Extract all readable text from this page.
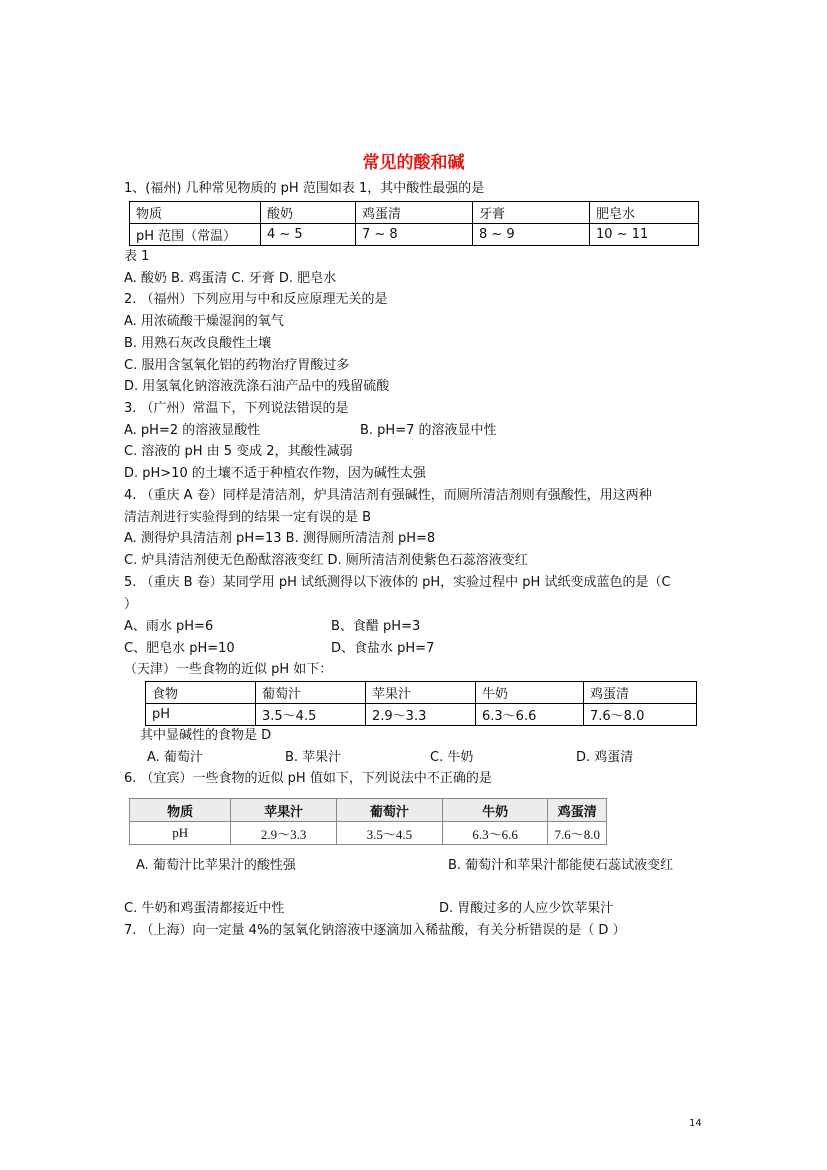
常见的酸和碱
1、(福州) 几种常见物质的 pH 范围如表 1，其中酸性最强的是
物质	酸奶	鸡蛋清	牙膏	肥皂水
pH 范围（常温）	4 ~ 5	7 ~ 8	8 ~ 9	10 ~ 11
表 1
A. 酸奶 B. 鸡蛋清 C. 牙膏 D. 肥皂水
2. （福州）下列应用与中和反应原理无关的是
A. 用浓硫酸干燥湿润的氧气
B. 用熟石灰改良酸性土壤
C. 服用含氢氧化铝的药物治疗胃酸过多
D. 用氢氧化钠溶液洗涤石油产品中的残留硫酸
3. （广州）常温下，下列说法错误的是
A. pH=2 的溶液显酸性	B. pH=7 的溶液显中性
C. 溶液的 pH 由 5 变成 2，其酸性减弱
D. pH>10 的土壤不适于种植农作物，因为碱性太强
4. （重庆 A 卷）同样是清洁剂，炉具清洁剂有强碱性，而厕所清洁剂则有强酸性，用这两种
清洁剂进行实验得到的结果一定有误的是 B
A. 测得炉具清洁剂 pH=13 B. 测得厕所清洁剂 pH=8
C. 炉具清洁剂使无色酚酞溶液变红 D. 厕所清洁剂使紫色石蕊溶液变红
5. （重庆 B 卷）某同学用 pH 试纸测得以下液体的 pH，实验过程中 pH 试纸变成蓝色的是（C
）
A、雨水 pH=6	B、食醋 pH=3
C、肥皂水 pH=10	D、食盐水 pH=7
（天津）一些食物的近似 pH 如下：
食物	葡萄汁	苹果汁	牛奶	鸡蛋清
pH	3.5～4.5	2.9～3.3	6.3～6.6	7.6～8.0
其中显碱性的食物是 D
A. 葡萄汁	B. 苹果汁	C. 牛奶	D. 鸡蛋清
6. （宜宾）一些食物的近似 pH 值如下，下列说法中不正确的是
物质	苹果汁	葡萄汁	牛奶	鸡蛋清
pH	2.9～3.3	3.5～4.5	6.3～6.6	7.6～8.0
A. 葡萄汁比苹果汁的酸性强	B. 葡萄汁和苹果汁都能使石蕊试液变红
C. 牛奶和鸡蛋清都接近中性	D. 胃酸过多的人应少饮苹果汁
7. （上海）向一定量 4%的氢氧化钠溶液中逐滴加入稀盐酸，有关分析错误的是（ D ）
14
